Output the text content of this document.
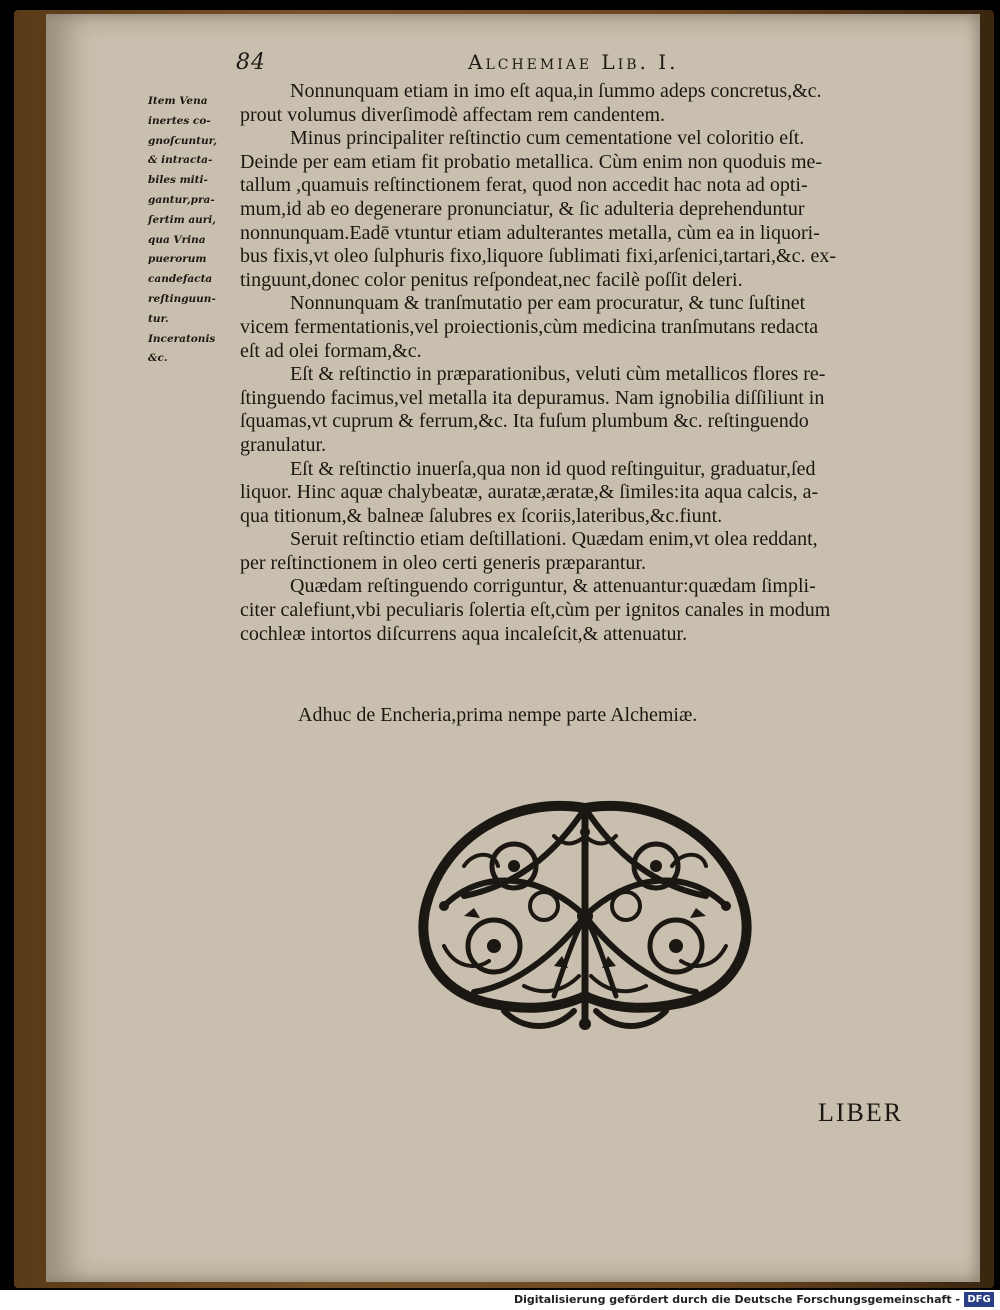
84	Alchemiae Lib. I.
Item Vena
inertes co-
gnoſcuntur,
& intracta-
biles miti-
gantur,pra-
ſertim auri,
qua Vrina
puerorum
candefacta
reſtinguun-
tur.
Inceratonis
&c.
Nonnunquam etiam in imo eſt aqua,in ſummo adeps concretus,&c.
prout volumus diverſimodè affectam rem candentem.
Minus principaliter reſtinctio cum cementatione vel coloritio eſt.
Deinde per eam etiam fit probatio metallica. Cùm enim non quoduis me-
tallum ,quamuis reſtinctionem ferat, quod non accedit hac nota ad opti-
mum,id ab eo degenerare pronunciatur, & ſic adulteria deprehenduntur
nonnunquam.Eadē vtuntur etiam adulterantes metalla, cùm ea in liquori-
bus fixis,vt oleo ſulphuris fixo,liquore ſublimati fixi,arſenici,tartari,&c. ex-
tinguunt,donec color penitus reſpondeat,nec facilè poſſit deleri.
Nonnunquam & tranſmutatio per eam procuratur, & tunc ſuſtinet
vicem fermentationis,vel proiectionis,cùm medicina tranſmutans redacta
eſt ad olei formam,&c.
Eſt & reſtinctio in præparationibus, veluti cùm metallicos flores re-
ſtinguendo facimus,vel metalla ita depuramus. Nam ignobilia diſſiliunt in
ſquamas,vt cuprum & ferrum,&c. Ita fuſum plumbum &c. reſtinguendo
granulatur.
Eſt & reſtinctio inuerſa,qua non id quod reſtinguitur, graduatur,ſed
liquor. Hinc aquæ chalybeatæ, auratæ,æratæ,& ſimiles:ita aqua calcis, a-
qua titionum,& balneæ ſalubres ex ſcoriis,lateribus,&c.fiunt.
Seruit reſtinctio etiam deſtillationi. Quædam enim,vt olea reddant,
per reſtinctionem in oleo certi generis præparantur.
Quædam reſtinguendo corriguntur, & attenuantur:quædam ſimpli-
citer calefiunt,vbi peculiaris ſolertia eſt,cùm per ignitos canales in modum
cochleæ intortos diſcurrens aqua incaleſcit,& attenuatur.
Adhuc de Encheria,prima nempe parte Alchemiæ.
LIBER
Digitalisierung gefördert durch die Deutsche Forschungsgemeinschaft - DFG
